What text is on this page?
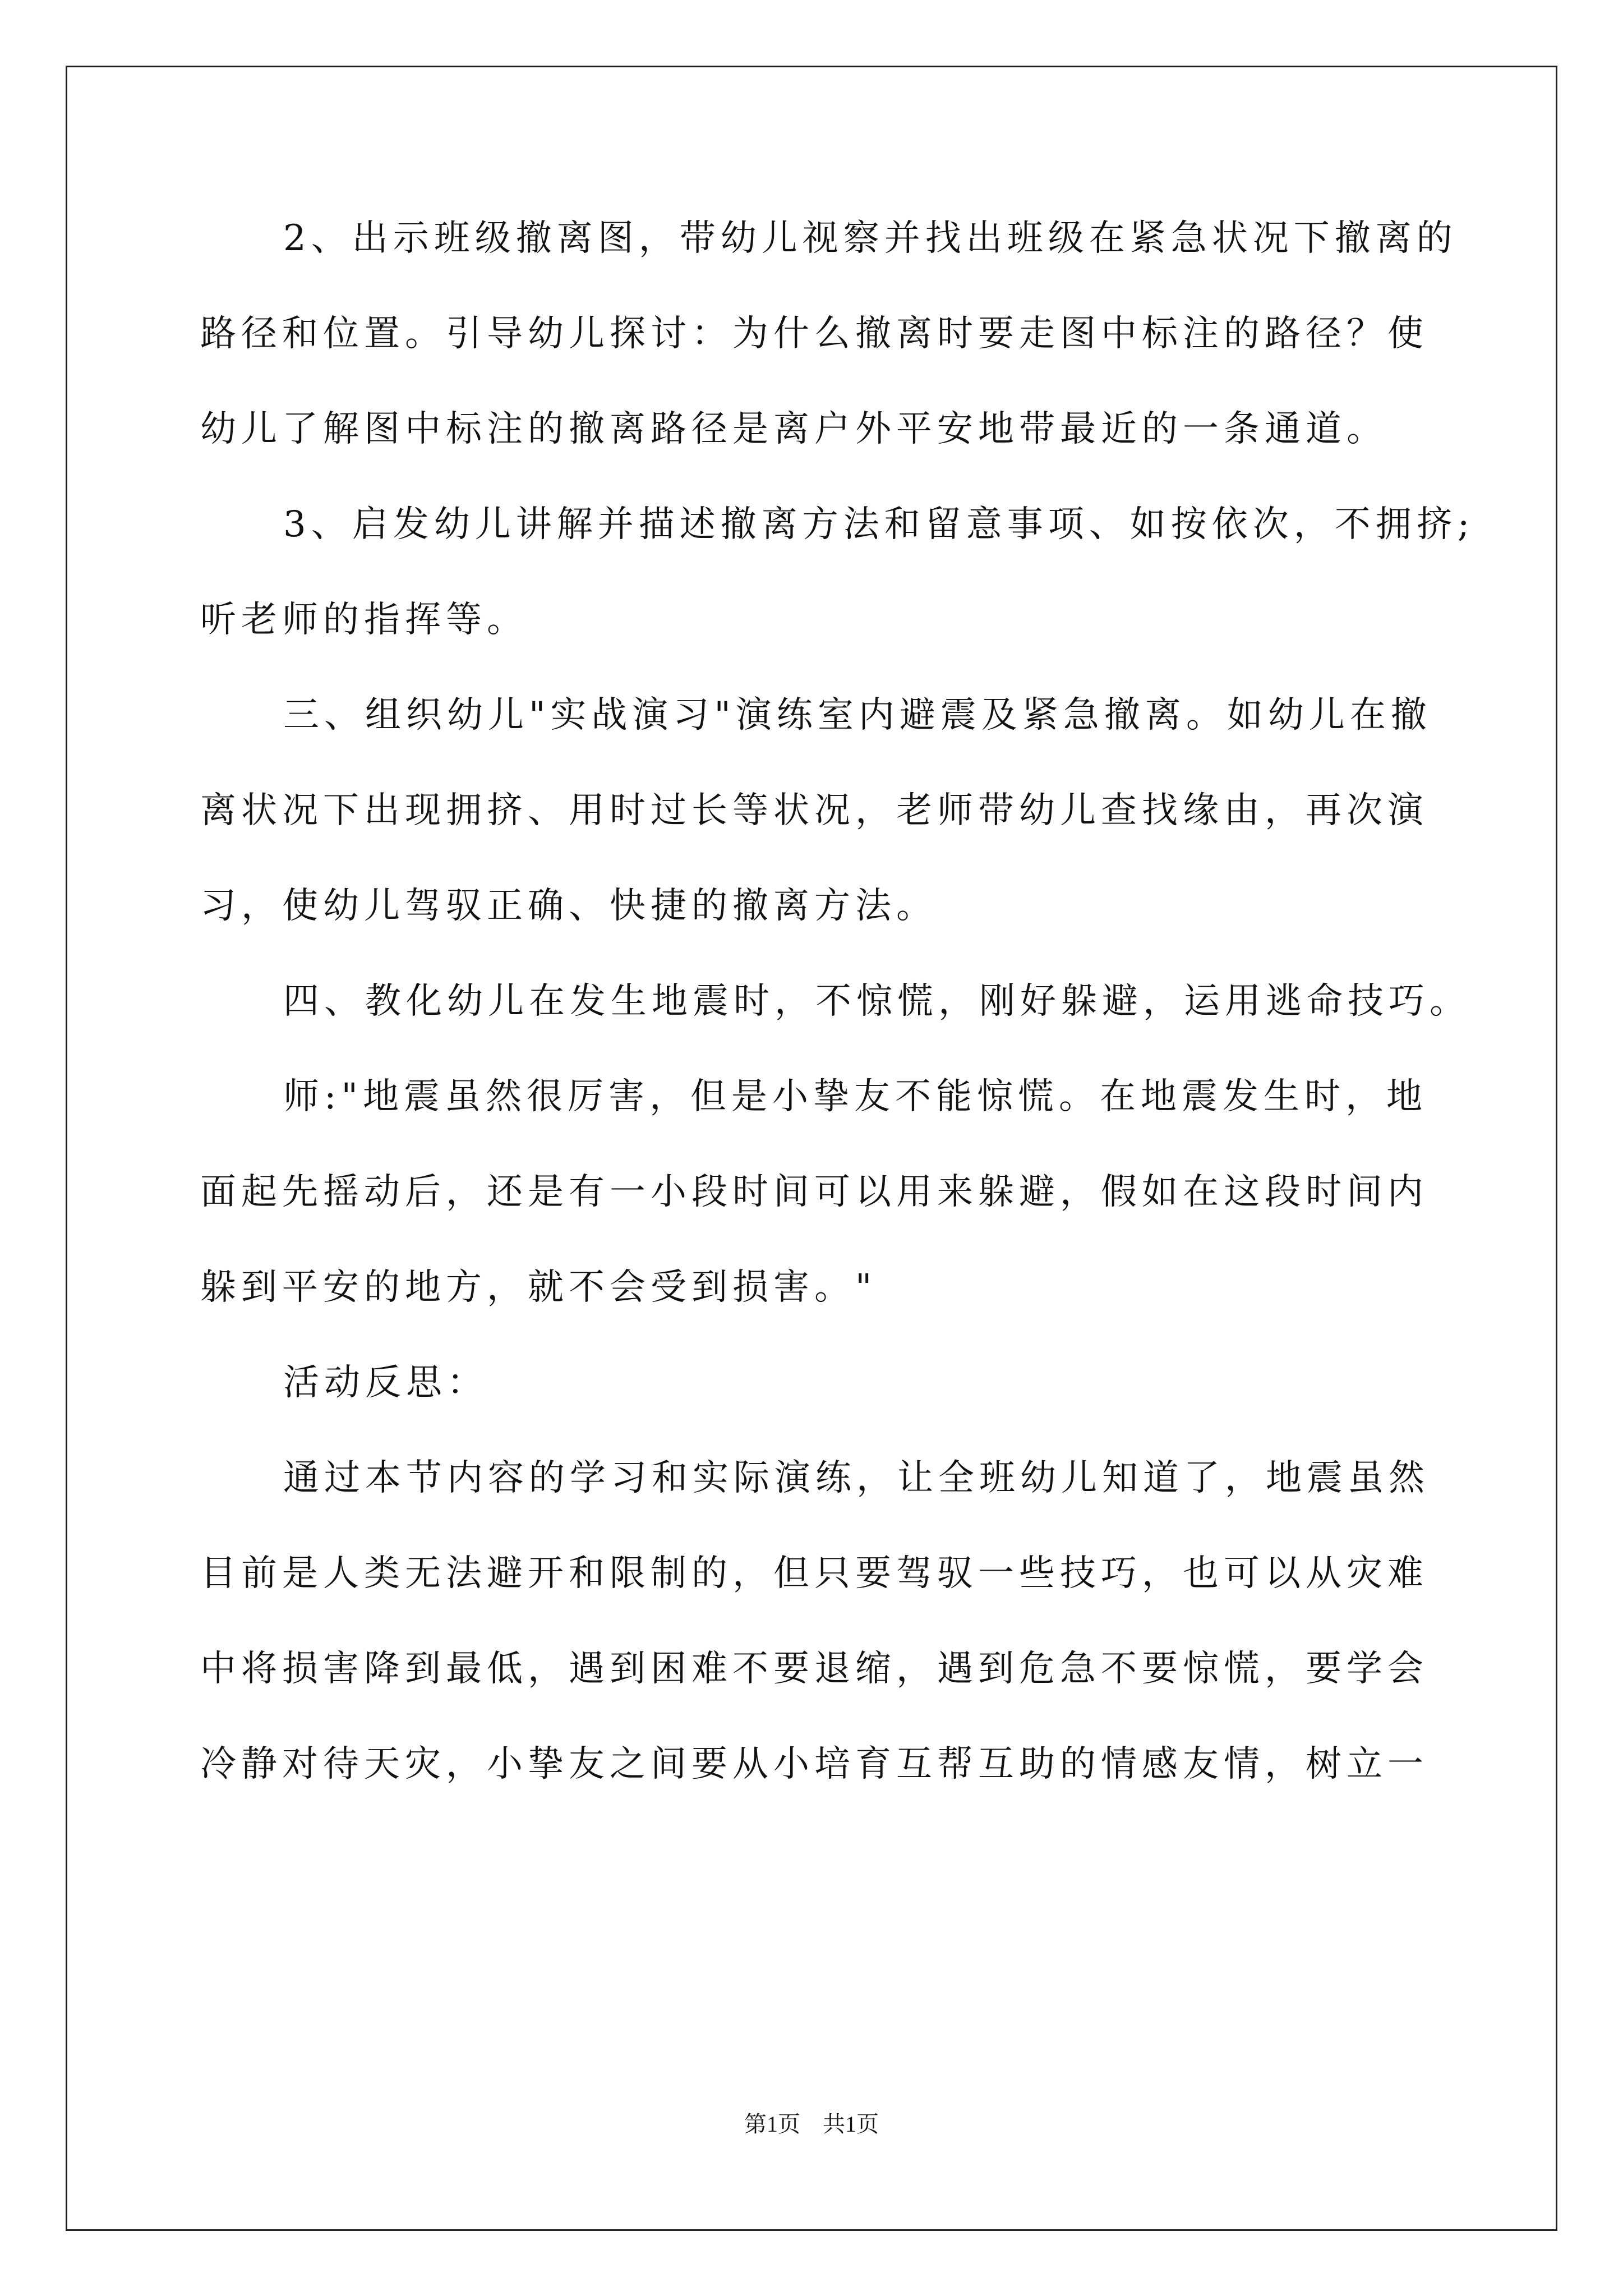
2、出示班级撤离图，带幼儿视察并找出班级在紧急状况下撤离的
路径和位置。引导幼儿探讨：为什么撤离时要走图中标注的路径？使
幼儿了解图中标注的撤离路径是离户外平安地带最近的一条通道。
3、启发幼儿讲解并描述撤离方法和留意事项、如按依次，不拥挤;
听老师的指挥等。
三、组织幼儿"实战演习"演练室内避震及紧急撤离。如幼儿在撤
离状况下出现拥挤、用时过长等状况，老师带幼儿查找缘由，再次演
习，使幼儿驾驭正确、快捷的撤离方法。
四、教化幼儿在发生地震时，不惊慌，刚好躲避，运用逃命技巧。
师:"地震虽然很厉害，但是小挚友不能惊慌。在地震发生时，地
面起先摇动后，还是有一小段时间可以用来躲避，假如在这段时间内
躲到平安的地方，就不会受到损害。"
活动反思：
通过本节内容的学习和实际演练，让全班幼儿知道了，地震虽然
目前是人类无法避开和限制的，但只要驾驭一些技巧，也可以从灾难
中将损害降到最低，遇到困难不要退缩，遇到危急不要惊慌，要学会
冷静对待天灾，小挚友之间要从小培育互帮互助的情感友情，树立一
第1页　共1页
